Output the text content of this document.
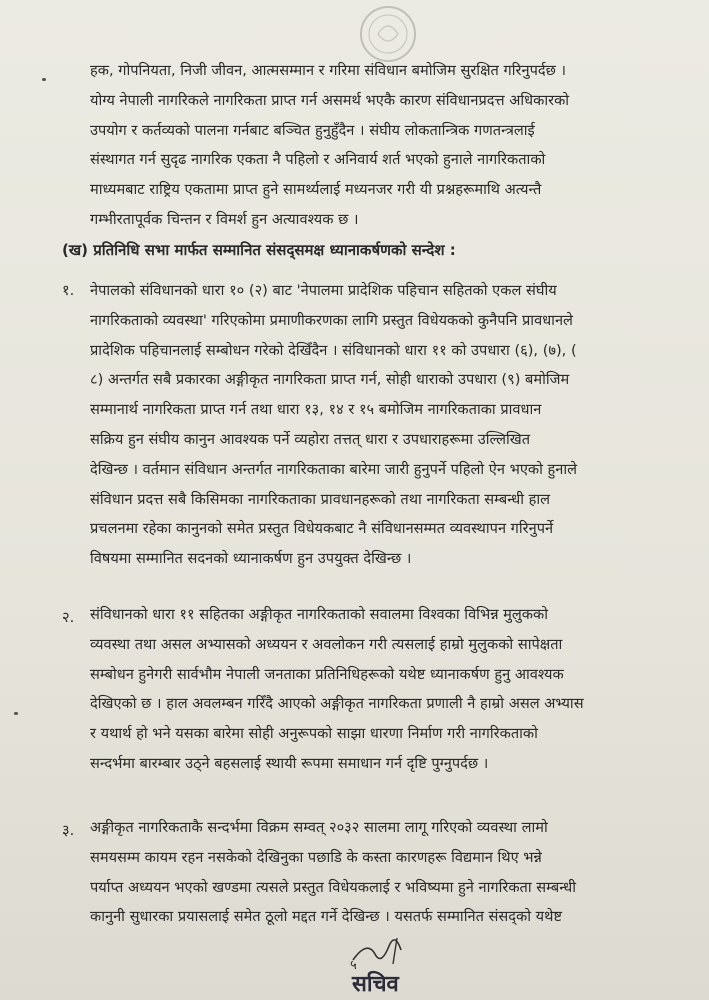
हक, गोपनियता, निजी जीवन, आत्मसम्मान र गरिमा संविधान बमोजिम सुरक्षित गरिनुपर्दछ ।
योग्य नेपाली नागरिकले नागरिकता प्राप्त गर्न असमर्थ भएकै कारण संविधानप्रदत्त अधिकारको
उपयोग र कर्तव्यको पालना गर्नबाट बञ्चित हुनुहुँदैन । संघीय लोकतान्त्रिक गणतन्त्रलाई
संस्थागत गर्न सुदृढ नागरिक एकता नै पहिलो र अनिवार्य शर्त भएको हुनाले नागरिकताको
माध्यमबाट राष्ट्रिय एकतामा प्राप्त हुने सामर्थ्यलाई मध्यनजर गरी यी प्रश्नहरूमाथि अत्यन्तै
गम्भीरतापूर्वक चिन्तन र विमर्श हुन अत्यावश्यक छ ।
(ख) प्रतिनिधि सभा मार्फत सम्मानित संसद्समक्ष ध्यानाकर्षणको सन्देश :
१. नेपालको संविधानको धारा १० (२) बाट 'नेपालमा प्रादेशिक पहिचान सहितको एकल संघीय
नागरिकताको व्यवस्था' गरिएकोमा प्रमाणीकरणका लागि प्रस्तुत विधेयकको कुनैपनि प्रावधानले
प्रादेशिक पहिचानलाई सम्बोधन गरेको देखिँदैन । संविधानको धारा ११ को उपधारा (६), (७), (
८) अन्तर्गत सबै प्रकारका अङ्गीकृत नागरिकता प्राप्त गर्न, सोही धाराको उपधारा (९) बमोजिम
सम्मानार्थ नागरिकता प्राप्त गर्न तथा धारा १३, १४ र १५ बमोजिम नागरिकताका प्रावधान
सक्रिय हुन संघीय कानुन आवश्यक पर्ने व्यहोरा तत्तत् धारा र उपधाराहरूमा उल्लिखित
देखिन्छ । वर्तमान संविधान अन्तर्गत नागरिकताका बारेमा जारी हुनुपर्ने पहिलो ऐन भएको हुनाले
संविधान प्रदत्त सबै किसिमका नागरिकताका प्रावधानहरूको तथा नागरिकता सम्बन्धी हाल
प्रचलनमा रहेका कानुनको समेत प्रस्तुत विधेयकबाट नै संविधानसम्मत व्यवस्थापन गरिनुपर्ने
विषयमा सम्मानित सदनको ध्यानाकर्षण हुन उपयुक्त देखिन्छ ।
२. संविधानको धारा ११ सहितका अङ्गीकृत नागरिकताको सवालमा विश्वका विभिन्न मुलुकको
व्यवस्था तथा असल अभ्यासको अध्ययन र अवलोकन गरी त्यसलाई हाम्रो मुलुकको सापेक्षता
सम्बोधन हुनेगरी सार्वभौम नेपाली जनताका प्रतिनिधिहरूको यथेष्ट ध्यानाकर्षण हुनु आवश्यक
देखिएको छ । हाल अवलम्बन गरिँदै आएको अङ्गीकृत नागरिकता प्रणाली नै हाम्रो असल अभ्यास
र यथार्थ हो भने यसका बारेमा सोही अनुरूपको साझा धारणा निर्माण गरी नागरिकताको
सन्दर्भमा बारम्बार उठ्ने बहसलाई स्थायी रूपमा समाधान गर्न दृष्टि पुग्नुपर्दछ ।
३. अङ्गीकृत नागरिकताकै सन्दर्भमा विक्रम सम्वत् २०३२ सालमा लागू गरिएको व्यवस्था लामो
समयसम्म कायम रहन नसकेको देखिनुका पछाडि के कस्ता कारणहरू विद्यमान थिए भन्ने
पर्याप्त अध्ययन भएको खण्डमा त्यसले प्रस्तुत विधेयकलाई र भविष्यमा हुने नागरिकता सम्बन्धी
कानुनी सुधारका प्रयासलाई समेत ठूलो मद्दत गर्ने देखिन्छ । यसतर्फ सम्मानित संसद्को यथेष्ट
५
सचिव
